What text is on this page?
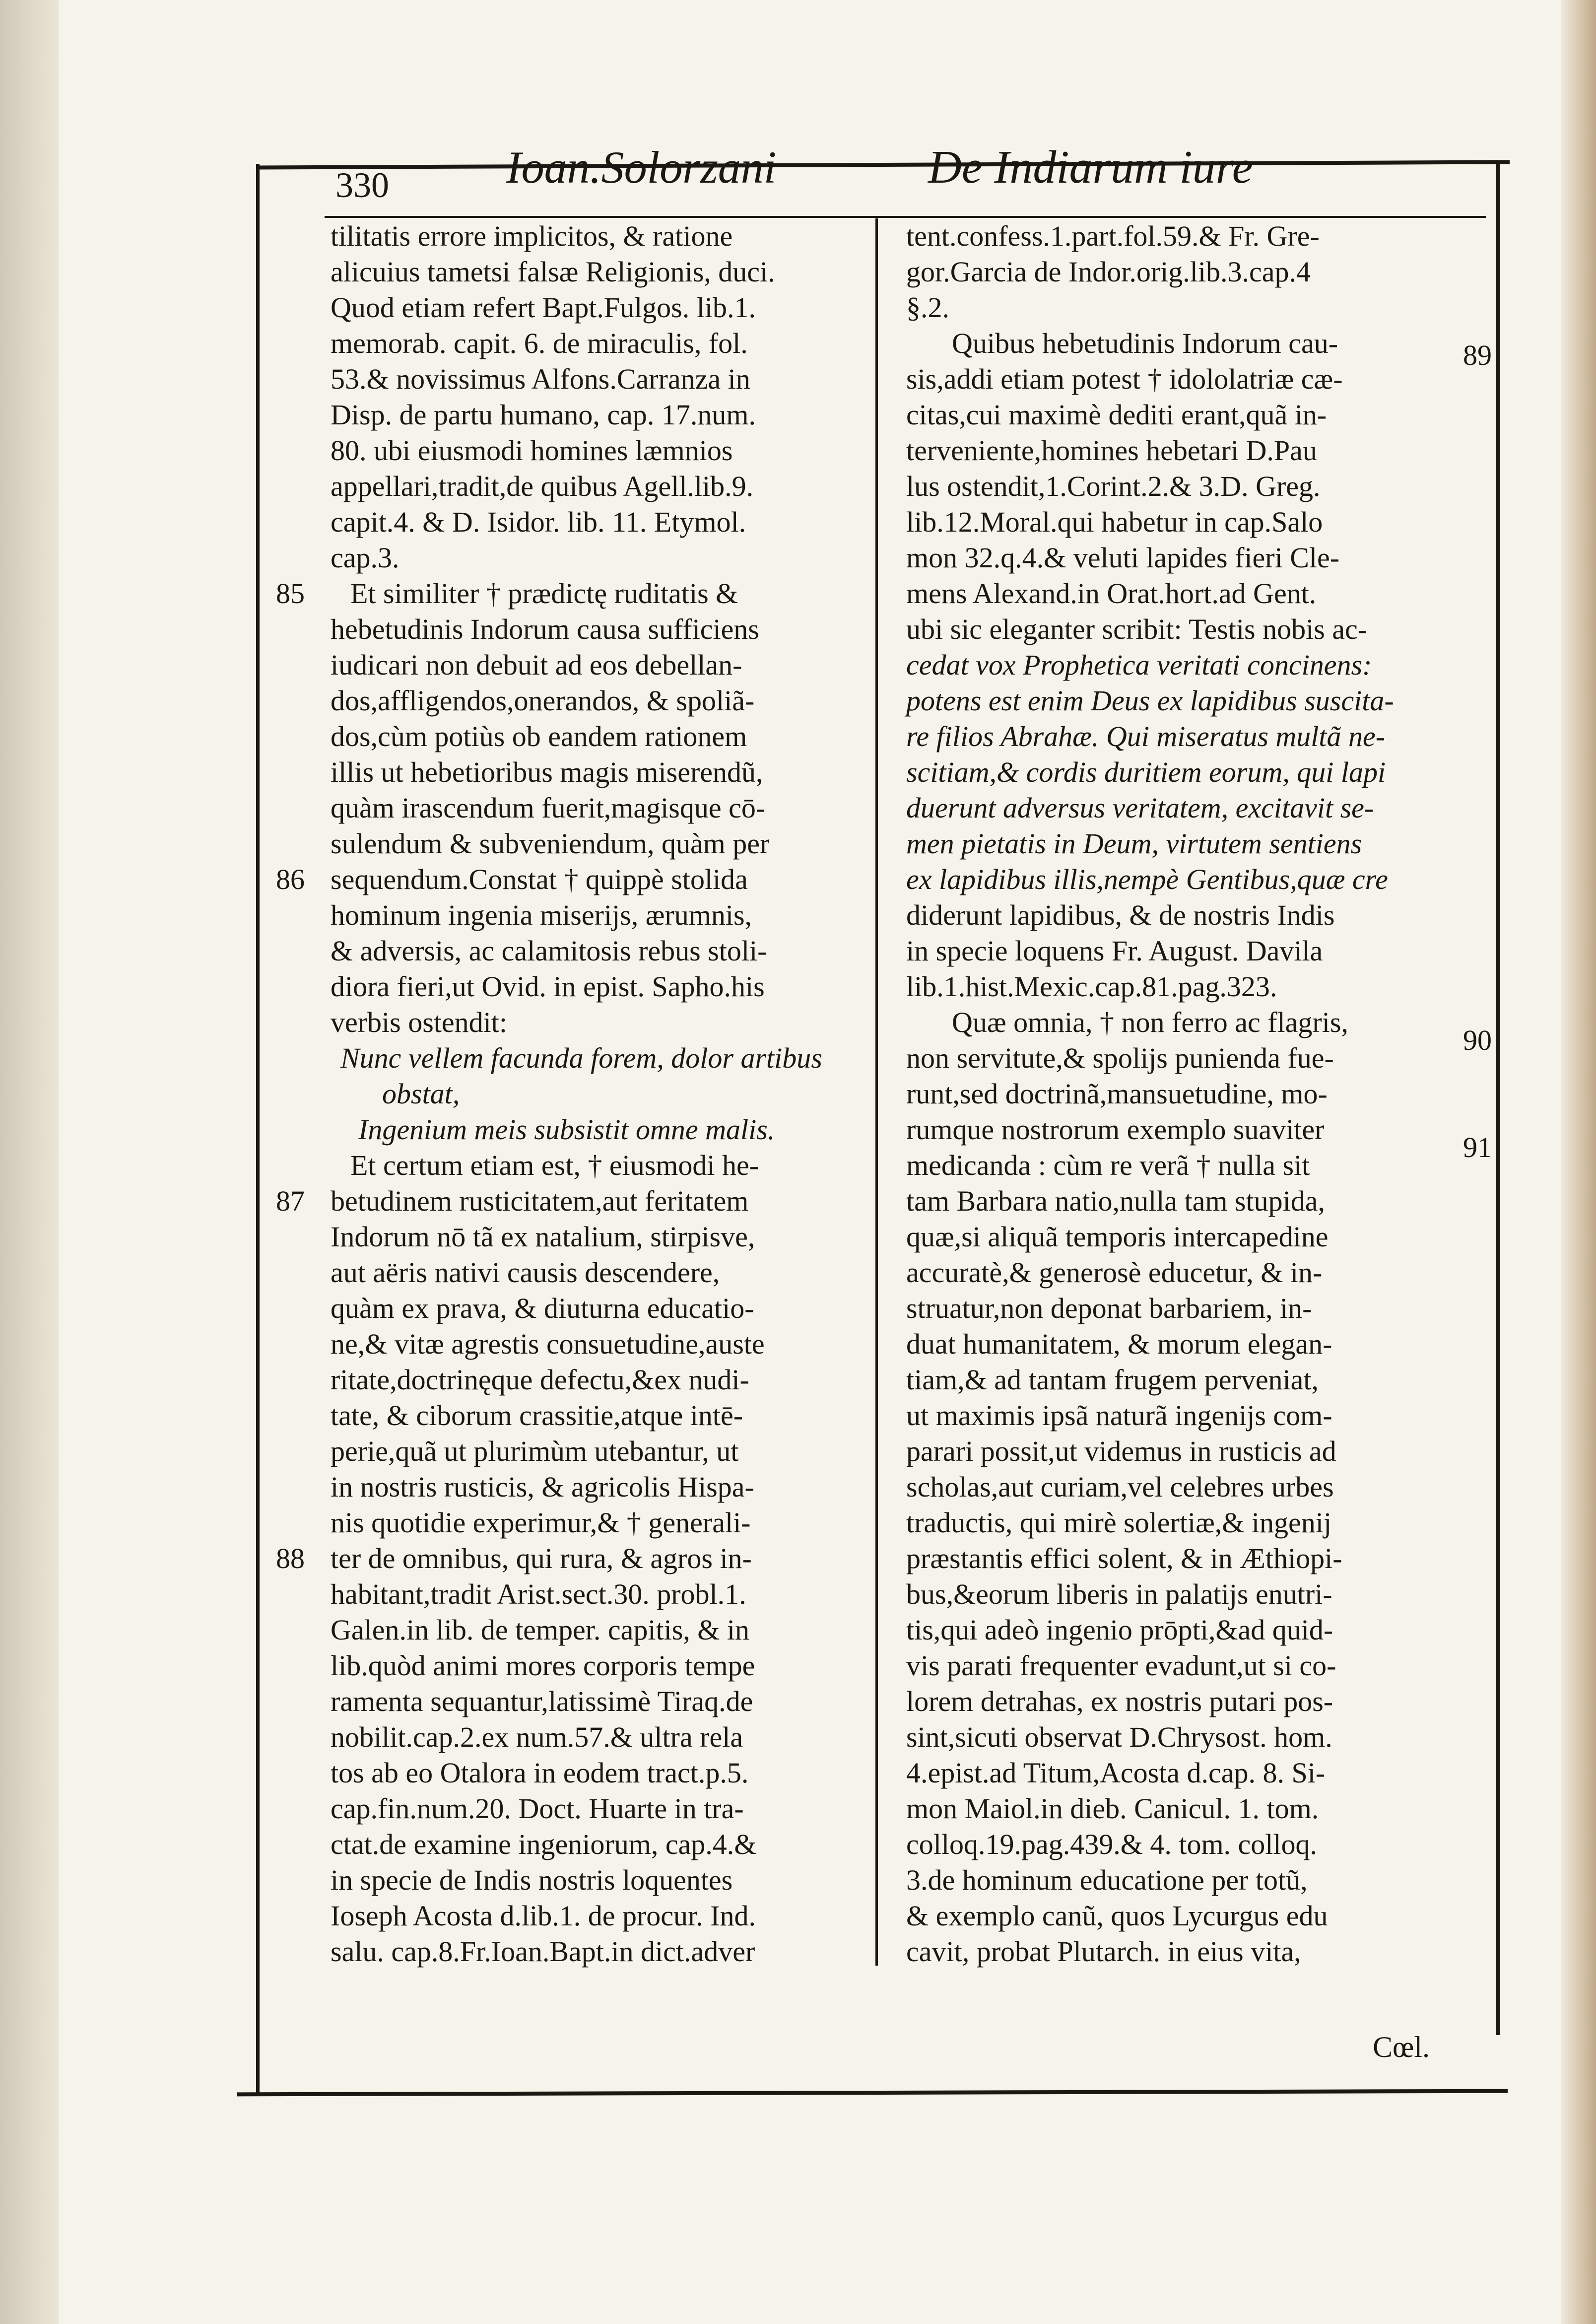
330	Ioan.Solorzani	De Indiarum iure
tilitatis errore implicitos, & ratione
alicuius tametsi falsæ Religionis, duci.
Quod etiam refert Bapt.Fulgos. lib.1.
memorab. capit. 6. de miraculis, fol.
53.& novissimus Alfons.Carranza in
Disp. de partu humano, cap. 17.num.
80. ubi eiusmodi homines læmnios
appellari,tradit,de quibus Agell.lib.9.
capit.4. & D. Isidor. lib. 11. Etymol.
cap.3.
Et similiter † prædictę ruditatis &
hebetudinis Indorum causa sufficiens
iudicari non debuit ad eos debellan-
dos,affligendos,onerandos, & spoliã-
dos,cùm potiùs ob eandem rationem
illis ut hebetioribus magis miserendũ,
quàm irascendum fuerit,magisque cō-
sulendum & subveniendum, quàm per
sequendum.Constat † quippè stolida
hominum ingenia miserijs, ærumnis,
& adversis, ac calamitosis rebus stoli-
diora fieri,ut Ovid. in epist. Sapho.his
verbis ostendit:
Nunc vellem facunda forem, dolor artibus
obstat,
Ingenium meis subsistit omne malis.
Et certum etiam est, † eiusmodi he-
betudinem rusticitatem,aut feritatem
Indorum nō tã ex natalium, stirpisve,
aut aëris nativi causis descendere,
quàm ex prava, & diuturna educatio-
ne,& vitæ agrestis consuetudine,auste
ritate,doctrinęque defectu,&ex nudi-
tate, & ciborum crassitie,atque intē-
perie,quã ut plurimùm utebantur, ut
in nostris rusticis, & agricolis Hispa-
nis quotidie experimur,& † generali-
ter de omnibus, qui rura, & agros in-
habitant,tradit Arist.sect.30. probl.1.
Galen.in lib. de temper. capitis, & in
lib.quòd animi mores corporis tempe
ramenta sequantur,latissimè Tiraq.de
nobilit.cap.2.ex num.57.& ultra rela
tos ab eo Otalora in eodem tract.p.5.
cap.fin.num.20. Doct. Huarte in tra-
ctat.de examine ingeniorum, cap.4.&
in specie de Indis nostris loquentes
Ioseph Acosta d.lib.1. de procur. Ind.
salu. cap.8.Fr.Ioan.Bapt.in dict.adver
tent.confess.1.part.fol.59.& Fr. Gre-
gor.Garcia de Indor.orig.lib.3.cap.4
§.2.
Quibus hebetudinis Indorum cau-
sis,addi etiam potest † idololatriæ cæ-
citas,cui maximè dediti erant,quã in-
terveniente,homines hebetari D.Pau
lus ostendit,1.Corint.2.& 3.D. Greg.
lib.12.Moral.qui habetur in cap.Salo
mon 32.q.4.& veluti lapides fieri Cle-
mens Alexand.in Orat.hort.ad Gent.
ubi sic eleganter scribit: Testis nobis ac-
cedat vox Prophetica veritati concinens:
potens est enim Deus ex lapidibus suscita-
re filios Abrahæ. Qui miseratus multã ne-
scitiam,& cordis duritiem eorum, qui lapi
duerunt adversus veritatem, excitavit se-
men pietatis in Deum, virtutem sentiens
ex lapidibus illis,nempè Gentibus,quæ cre
diderunt lapidibus, & de nostris Indis
in specie loquens Fr. August. Davila
lib.1.hist.Mexic.cap.81.pag.323.
Quæ omnia, † non ferro ac flagris,
non servitute,& spolijs punienda fue-
runt,sed doctrinã,mansuetudine, mo-
rumque nostrorum exemplo suaviter
medicanda : cùm re verã † nulla sit
tam Barbara natio,nulla tam stupida,
quæ,si aliquã temporis intercapedine
accuratè,& generosè educetur, & in-
struatur,non deponat barbariem, in-
duat humanitatem, & morum elegan-
tiam,& ad tantam frugem perveniat,
ut maximis ipsã naturã ingenijs com-
parari possit,ut videmus in rusticis ad
scholas,aut curiam,vel celebres urbes
traductis, qui mirè solertiæ,& ingenij
præstantis effici solent, & in Æthiopi-
bus,&eorum liberis in palatijs enutri-
tis,qui adeò ingenio prōpti,&ad quid-
vis parati frequenter evadunt,ut si co-
lorem detrahas, ex nostris putari pos-
sint,sicuti observat D.Chrysost. hom.
4.epist.ad Titum,Acosta d.cap. 8. Si-
mon Maiol.in dieb. Canicul. 1. tom.
colloq.19.pag.439.& 4. tom. colloq.
3.de hominum educatione per totũ,
& exemplo canũ, quos Lycurgus edu
cavit, probat Plutarch. in eius vita,
85
86
87
88
89
90
91
Cœl.
